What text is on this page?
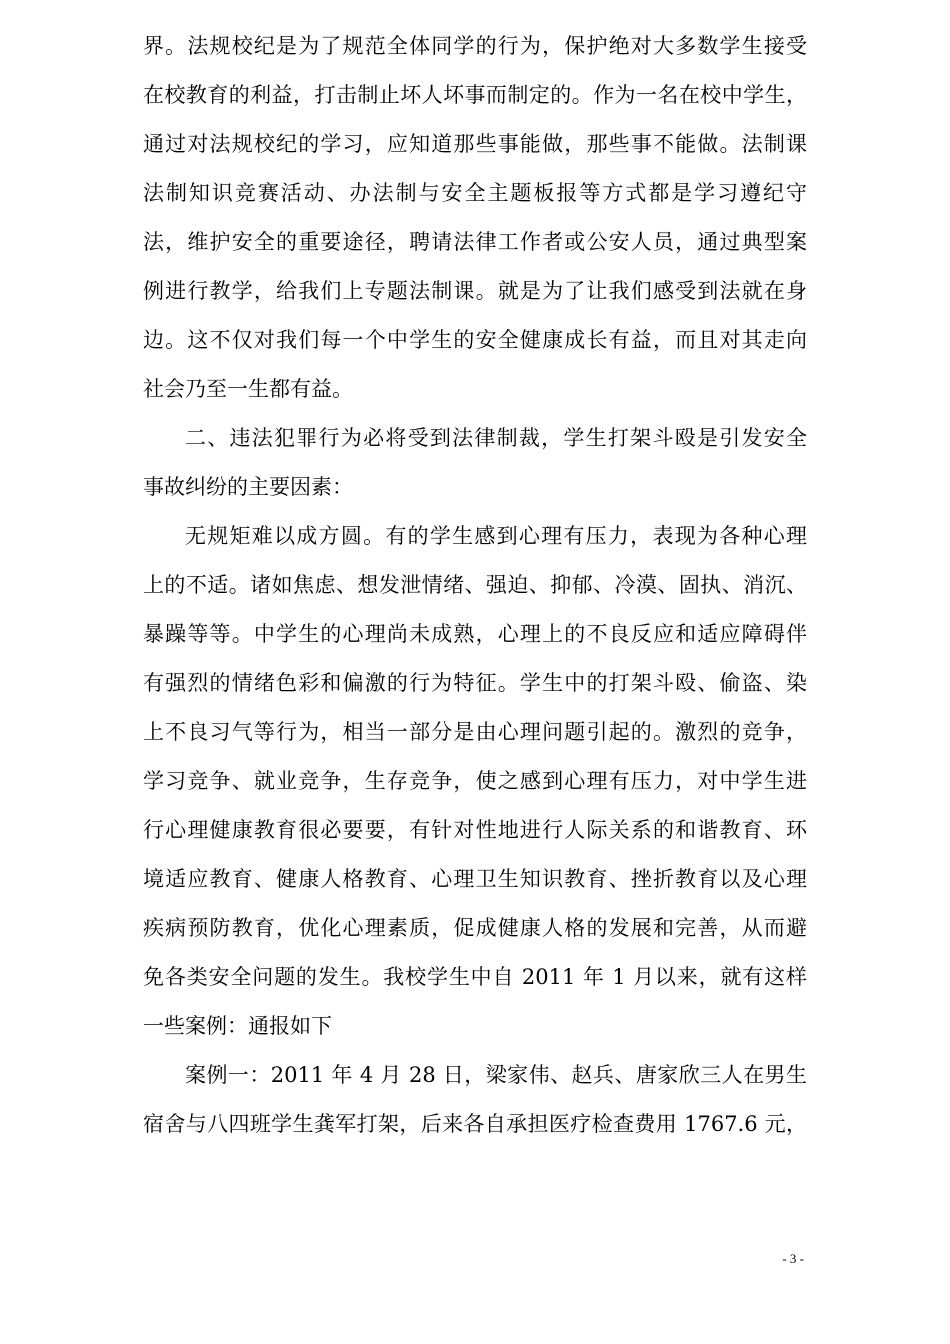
界。法规校纪是为了规范全体同学的行为，保护绝对大多数学生接受
在校教育的利益，打击制止坏人坏事而制定的。作为一名在校中学生，
通过对法规校纪的学习，应知道那些事能做，那些事不能做。法制课
法制知识竞赛活动、办法制与安全主题板报等方式都是学习遵纪守
法，维护安全的重要途径，聘请法律工作者或公安人员，通过典型案
例进行教学，给我们上专题法制课。就是为了让我们感受到法就在身
边。这不仅对我们每一个中学生的安全健康成长有益，而且对其走向
社会乃至一生都有益。
二、违法犯罪行为必将受到法律制裁，学生打架斗殴是引发安全
事故纠纷的主要因素：
无规矩难以成方圆。有的学生感到心理有压力，表现为各种心理
上的不适。诸如焦虑、想发泄情绪、强迫、抑郁、冷漠、固执、消沉、
暴躁等等。中学生的心理尚未成熟，心理上的不良反应和适应障碍伴
有强烈的情绪色彩和偏激的行为特征。学生中的打架斗殴、偷盗、染
上不良习气等行为，相当一部分是由心理问题引起的。激烈的竞争，
学习竞争、就业竞争，生存竞争，使之感到心理有压力，对中学生进
行心理健康教育很必要要，有针对性地进行人际关系的和谐教育、环
境适应教育、健康人格教育、心理卫生知识教育、挫折教育以及心理
疾病预防教育，优化心理素质，促成健康人格的发展和完善，从而避
免各类安全问题的发生。我校学生中自 2011 年 1 月以来，就有这样
一些案例：通报如下
案例一：2011 年 4 月 28 日，梁家伟、赵兵、唐家欣三人在男生
宿舍与八四班学生龚军打架，后来各自承担医疗检查费用 1767.6 元，
- 3 -
